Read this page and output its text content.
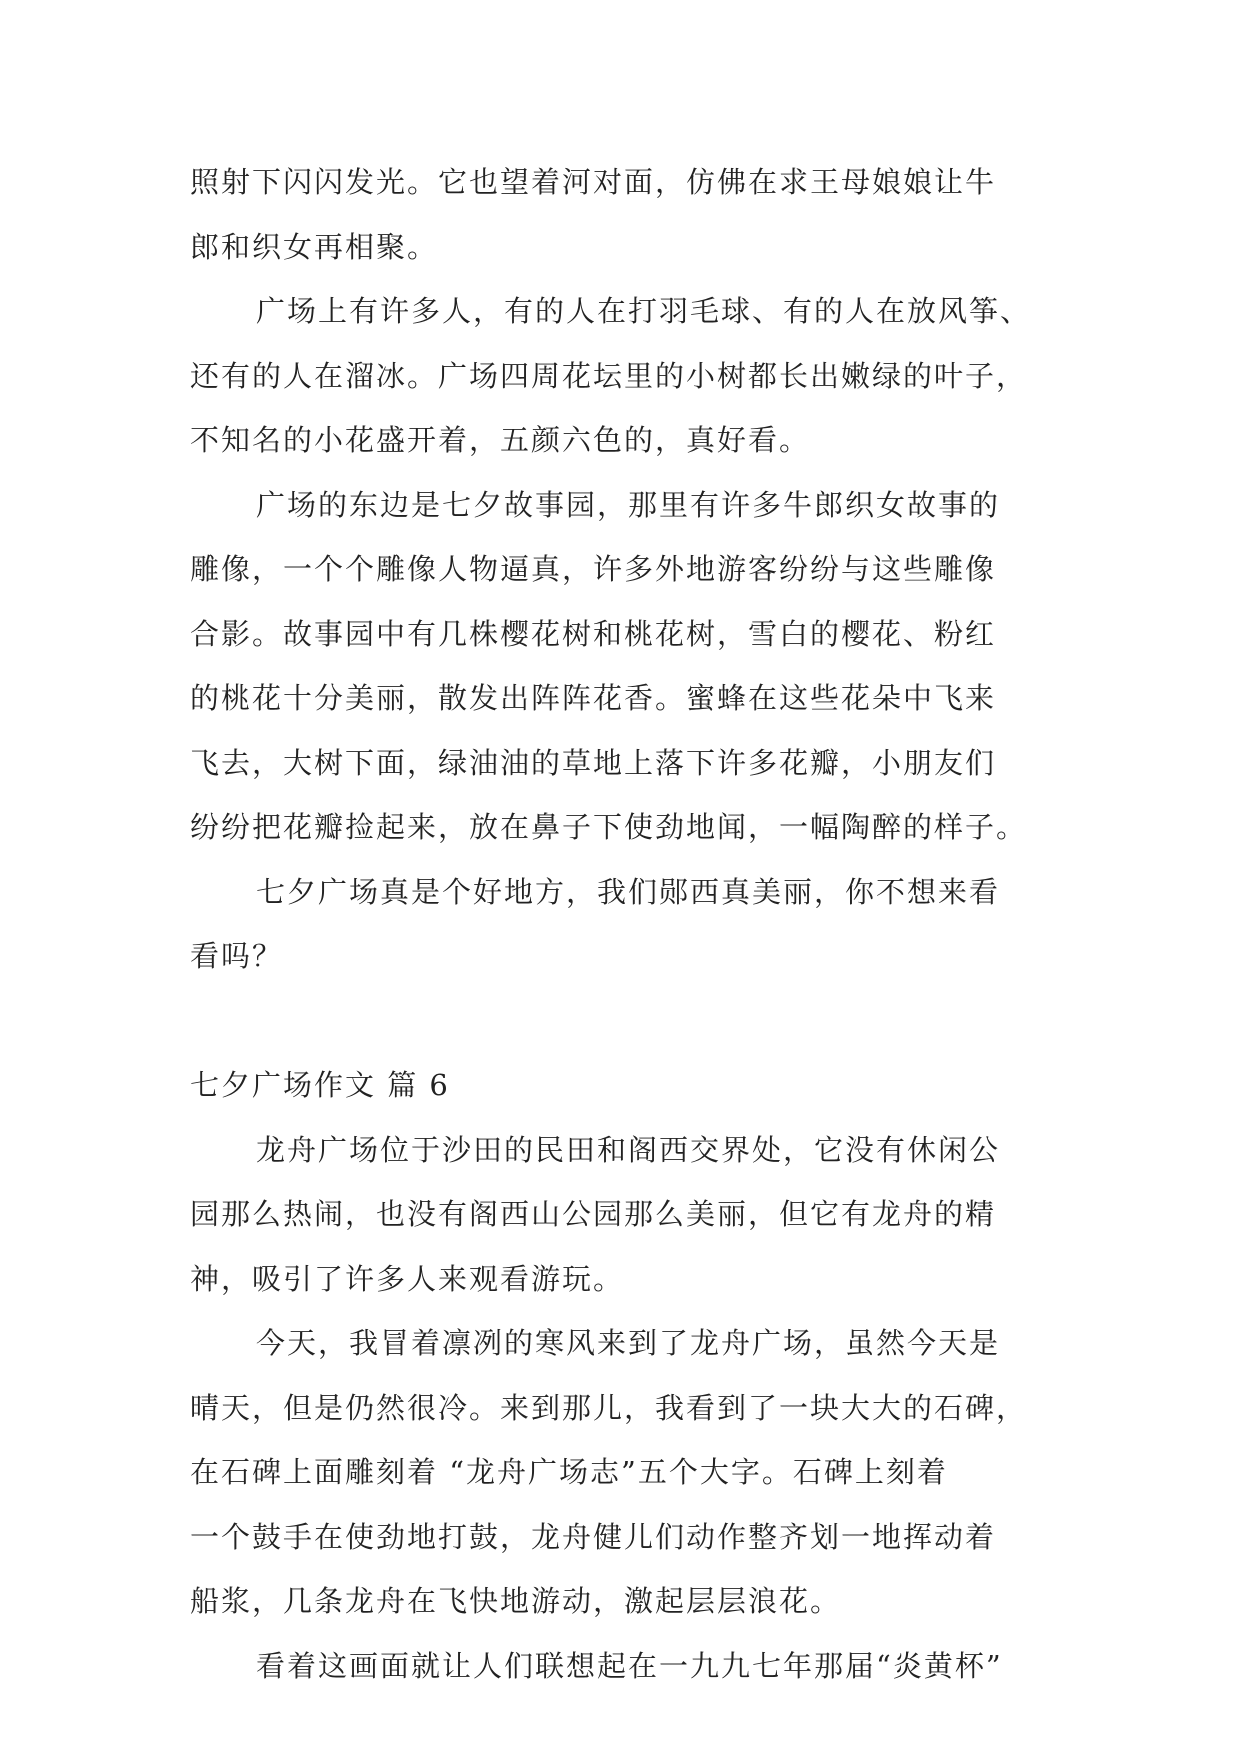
照射下闪闪发光。它也望着河对面，仿佛在求王母娘娘让牛
郎和织女再相聚。
广场上有许多人，有的人在打羽毛球、有的人在放风筝、
还有的人在溜冰。广场四周花坛里的小树都长出嫩绿的叶子，
不知名的小花盛开着，五颜六色的，真好看。
广场的东边是七夕故事园，那里有许多牛郎织女故事的
雕像，一个个雕像人物逼真，许多外地游客纷纷与这些雕像
合影。故事园中有几株樱花树和桃花树，雪白的樱花、粉红
的桃花十分美丽，散发出阵阵花香。蜜蜂在这些花朵中飞来
飞去，大树下面，绿油油的草地上落下许多花瓣，小朋友们
纷纷把花瓣捡起来，放在鼻子下使劲地闻，一幅陶醉的样子。
七夕广场真是个好地方，我们郧西真美丽，你不想来看
看吗？
七夕广场作文 篇 6
龙舟广场位于沙田的民田和阁西交界处，它没有休闲公
园那么热闹，也没有阁西山公园那么美丽，但它有龙舟的精
神，吸引了许多人来观看游玩。
今天，我冒着凛冽的寒风来到了龙舟广场，虽然今天是
晴天，但是仍然很冷。来到那儿，我看到了一块大大的石碑，
在石碑上面雕刻着 “龙舟广场志”五个大字。石碑上刻着
一个鼓手在使劲地打鼓，龙舟健儿们动作整齐划一地挥动着
船浆，几条龙舟在飞快地游动，激起层层浪花。
看着这画面就让人们联想起在一九九七年那届“炎黄杯”
